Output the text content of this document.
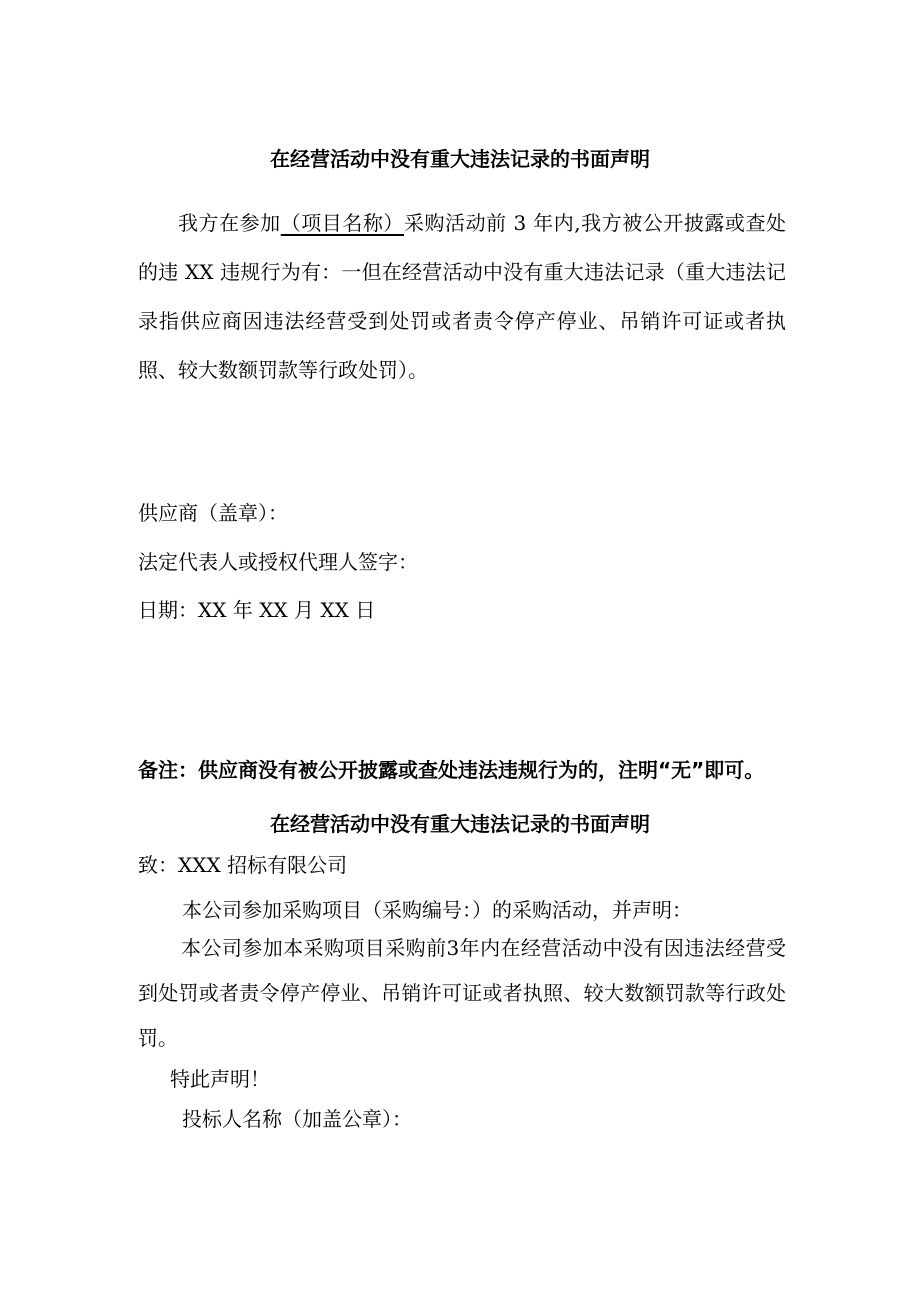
在经营活动中没有重大违法记录的书面声明
我方在参加（项目名称）采购活动前 3 年内,我方被公开披露或查处的违 XX 违规行为有：一但在经营活动中没有重大违法记录（重大违法记录指供应商因违法经营受到处罚或者责令停产停业、吊销许可证或者执照、较大数额罚款等行政处罚）。
供应商（盖章）：
法定代表人或授权代理人签字：
日期：XX 年 XX 月 XX 日
备注：供应商没有被公开披露或查处违法违规行为的，注明“无”即可。
在经营活动中没有重大违法记录的书面声明
致：XXX 招标有限公司
本公司参加采购项目（采购编号：）的采购活动，并声明：
本公司参加本采购项目采购前3年内在经营活动中没有因违法经营受到处罚或者责令停产停业、吊销许可证或者执照、较大数额罚款等行政处罚。
特此声明！
投标人名称（加盖公章）：
